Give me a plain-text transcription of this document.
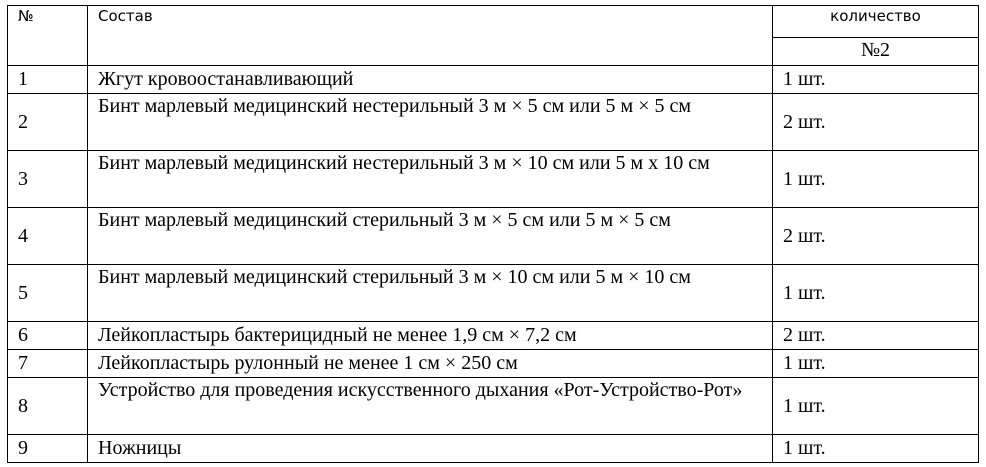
№	Состав	количество
		№2
1	Жгут кровоостанавливающий	1 шт.
2	Бинт марлевый медицинский нестерильный 3 м × 5 см или 5 м × 5 см	2 шт.
3	Бинт марлевый медицинский нестерильный 3 м × 10 см или 5 м х 10 см	1 шт.
4	Бинт марлевый медицинский стерильный 3 м × 5 см или 5 м × 5 см	2 шт.
5	Бинт марлевый медицинский стерильный 3 м × 10 см или 5 м × 10 см	1 шт.
6	Лейкопластырь бактерицидный не менее 1,9 см × 7,2 см	2 шт.
7	Лейкопластырь рулонный не менее 1 см × 250 см	1 шт.
8	Устройство для проведения искусственного дыхания «Рот-Устройство-Рот»	1 шт.
9	Ножницы	1 шт.
